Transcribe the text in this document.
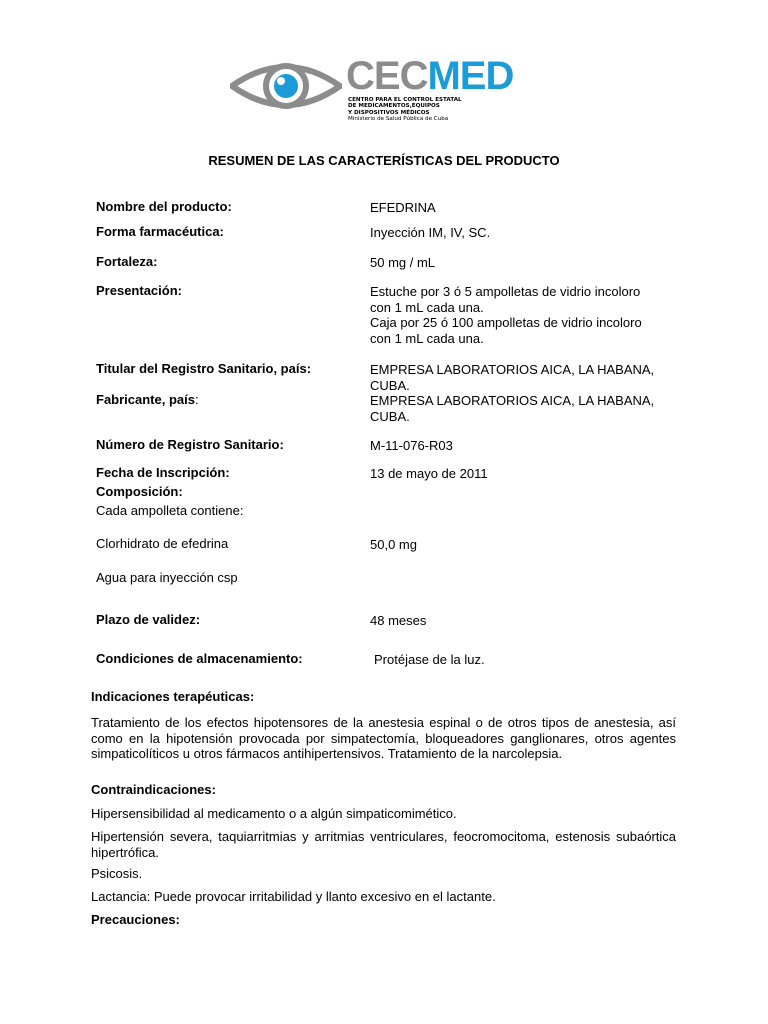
CECMED
CENTRO PARA EL CONTROL ESTATAL
DE MEDICAMENTOS,EQUIPOS
Y DISPOSITIVOS MÉDICOS
Ministerio de Salud Pública de Cuba
RESUMEN DE LAS CARACTERÍSTICAS DEL PRODUCTO
Nombre del producto:	EFEDRINA
Forma farmacéutica:	Inyección IM, IV, SC.
Fortaleza:	50 mg / mL
Presentación:	Estuche por 3 ó 5 ampolletas de vidrio incoloro
con 1 mL cada una.
Caja por 25 ó 100 ampolletas de vidrio incoloro
con 1 mL cada una.
Titular del Registro Sanitario, país:	EMPRESA LABORATORIOS AICA, LA HABANA,
CUBA.
Fabricante, país:	EMPRESA LABORATORIOS AICA, LA HABANA,
CUBA.
Número de Registro Sanitario:	M-11-076-R03
Fecha de Inscripción:	13 de mayo de 2011
Composición:
Cada ampolleta contiene:
Clorhidrato de efedrina	50,0 mg
Agua para inyección csp
Plazo de validez:	48 meses
Condiciones de almacenamiento:	Protéjase de la luz.
Indicaciones terapéuticas:
Tratamiento de los efectos hipotensores de la anestesia espinal o de otros tipos de anestesia, así como en la hipotensión provocada por simpatectomía, bloqueadores ganglionares, otros agentes simpaticolíticos u otros fármacos antihipertensivos. Tratamiento de la narcolepsia.
Contraindicaciones:
Hipersensibilidad al medicamento o a algún simpaticomimético.
Hipertensión severa, taquiarritmias y arritmias ventriculares, feocromocitoma, estenosis subaórtica hipertrófica.
Psicosis.
Lactancia: Puede provocar irritabilidad y llanto excesivo en el lactante.
Precauciones:
